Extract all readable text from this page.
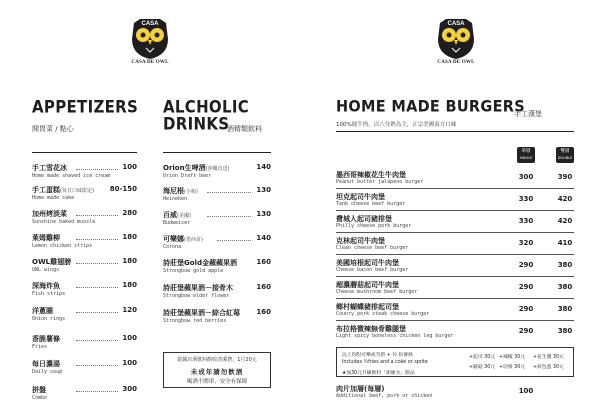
CASA
CASA DE OWL
APPETIZERS
開胃菜 / 點心
手工雪花冰	100
Home made shaved ice cream
手工蛋糕(每日口味限定) 80-150
Home made cake
加州烤淡菜	280
Sunshine baked mussle
萊姆雞柳	180
Lemon chicken strips
OWL雞翅膀	180
OWL wings
深海炸魚	180
Fish strips
洋蔥圈	120
Onion rings
香脆薯條	100
Fries
每日濃湯	100
Daily soup
拼盤	300
Combo
ALCHOLIC
DRINKS
酒精類飲料
Orion生啤酒(沖繩直送)	140
Orion Draft beer
海尼根(小瓶)	130
Heineken
百威(美國)	130
Budweiser
可樂娜(墨西哥)	140
Corona
詩莊堡Gold金蘋蘋果酒	160
Strongbow gold apple
詩莊堡蘋果酒－接骨木	160
Strongbow elder flower
詩莊堡蘋果酒－綜合紅莓 160
Strongbow red berries
啟佩店酒飲料酌收清潔費，1月20元
未成年請勿飲酒
喝酒不開車，安全有保障
CASA
CASA DE OWL
HOME MADE BURGERS
手工漢堡
100%純牛肉，以八分熟為主，正宗美國南方口味
單層
SINGLE
雙層
DOUBLE
墨西哥辣椒花生牛肉堡
Peanut butter jalapeno burger
300	390
坦克起司牛肉堡
Tank cheese beef burger
330	420
費城人起司豬排堡
Philly cheese pork burger
330	420
克林起司牛肉堡
Clean cheese beef burger
320	410
美國培根起司牛肉堡
Cheese bacon beef burger
290	380
超濃蘑菇起司牛肉堡
Cheese mushroom beef burger
290	380
鄉村蝴蝶豬排起司堡
Counry pork steak cheese burger
290	380
布拉格微辣無骨雞腿堡
Light spicy boneless chicken leg burger
290	380
以上均附可樂或雪碧 + ½ 份薯條
Includes ½fries and a coke or sprite
★加30元升級飲料「節慶水」飲品
+起司 30元
+蘑菇 30元
+辣椒 30元
+培根 30元
+花生醬 30元
+荷包蛋 30元
肉片加層(每層)
Additional beef, pork or chicken
100
